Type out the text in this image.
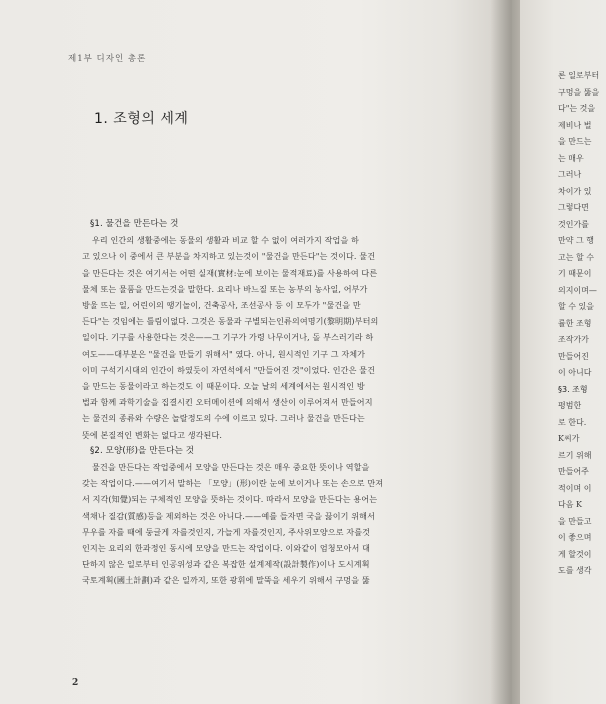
제1부 디자인 총론
1. 조형의 세계
§1. 물건을 만든다는 것
우리 인간의 생활중에는 동물의 생활과 비교 할 수 없이 여러가지 작업을 하
고 있으나 이 중에서 큰 부분을 차지하고 있는것이 "물건을 만든다"는 것이다. 물건
을 만든다는 것은 여기서는 어떤 실재(實材:눈에 보이는 물적재료)를 사용하여 다른
물체 또는 물품을 만드는것을 말한다. 요리나 바느질 또는 농부의 농사일, 어부가
방울 뜨는 일, 어린이의 땡기놀이, 건축공사, 조선공사 등 이 모두가 "물건을 만
든다"는 것임에는 틀림이없다. 그것은 동물과 구별되는인류의여명기(黎明期)부터의
일이다. 기구를 사용한다는 것은——그 기구가 가령 나무이거나, 돌 부스러기라 하
여도——대부분은 "물건을 만들기 위해서" 였다. 아니, 원시적인 기구 그 자체가
이미 구석기시대의 인간이 하였듯이 자연석에서 "만들어진 것"이었다. 인간은 물건
을 만드는 동물이라고 하는것도 이 때문이다. 오늘 날의 세계에서는 원시적인 방
법과 함께 과학기술을 집결시킨 오터메이션에 의해서 생산이 이루어져서 만들어지
는 물건의 종류와 수량은 놀랄정도의 수에 이르고 있다. 그러나 물건을 만든다는
뜻에 본질적인 변화는 없다고 생각된다.
§2. 모양(形)을 만든다는 것
물건을 만든다는 작업중에서 모양을 만든다는 것은 매우 중요한 뜻이나 역할을
갖는 작업이다.——여기서 말하는 「모양」(形)이란 눈에 보이거나 또는 손으로 만져
서 지각(知覺)되는 구체적인 모양을 뜻하는 것이다. 따라서 모양을 만든다는 용어는
색채나 질감(質感)등을 제외하는 것은 아니다.——예를 들자면 국을 끓이기 위해서
무우를 자를 때에 둥글게 자를것인지, 가늘게 자를것인지, 주사위모양으로 자를것
인지는 요리의 한과정인 동시에 모양을 만드는 작업이다. 이와같이 엄청모아서 대
단하지 않은 일로부터 인공위성과 같은 복잡한 설계제작(設計製作)이나 도시계획
국토계획(國土計劃)과 같은 일까지, 또한 광휘에 말뚝을 세우기 위해서 구멍을 뚫
2
론 일로부터
구멍을 뚫을
다"는 것을
제비나 벌
을 만드는
는 매우
그러나
차이가 있
그렇다면
것인가를
만약 그 행
고는 할 수
기 때문이
의지이며—
할 수 있을
률한 조형
조작가가
만들어진
이 아니다
§3. 조형
평범한
로 한다.
K씨가
르기 위해
만들어주
적이며 이
다음 K
을 만들고
이 좋으며
게 할것이
도를 생각
